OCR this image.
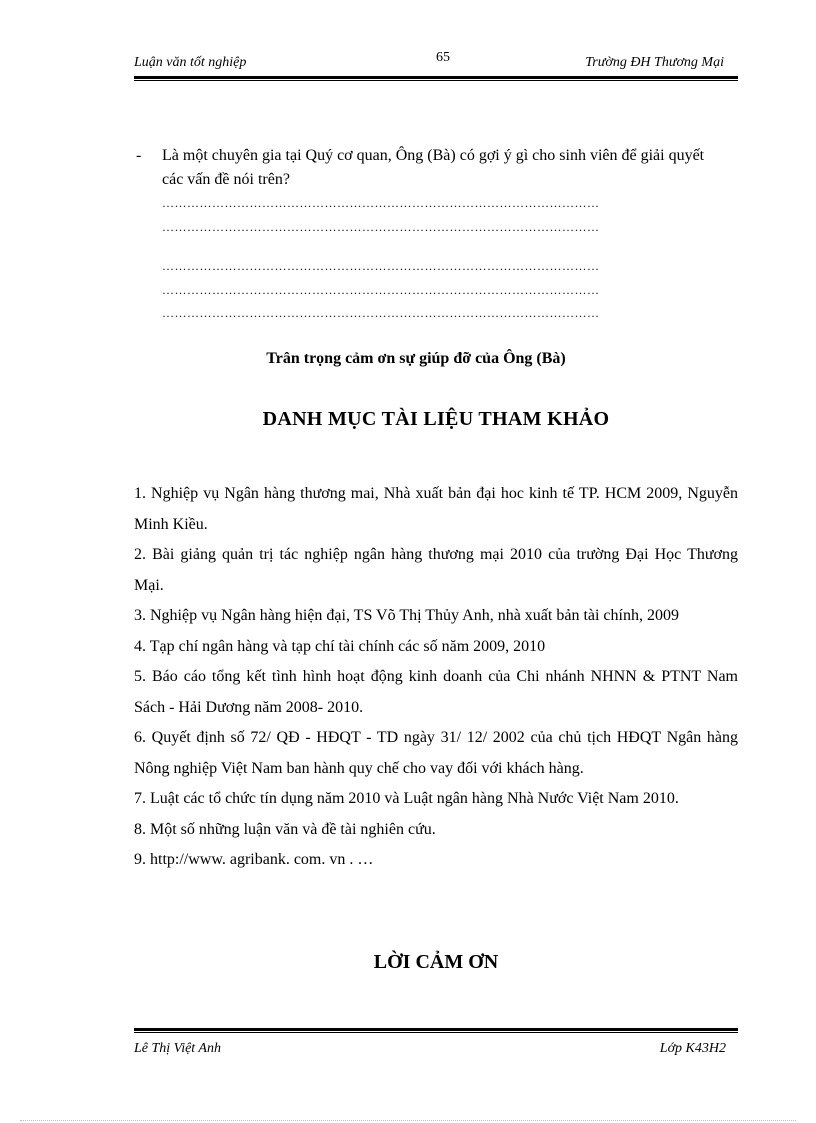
Luận văn tốt nghiệp	65	Trường ĐH Thương Mại
- Là một chuyên gia tại Quý cơ quan, Ông (Bà) có gợi ý gì cho sinh viên để giải quyết các vấn đề nói trên?
……………………………………………………………………………………………
……………………………………………………………………………………………
……………………………………………………………………………………………
……………………………………………………………………………………………
……………………………………………………………………………………………
Trân trọng cảm ơn sự giúp đỡ của Ông (Bà)
DANH MỤC TÀI LIỆU THAM KHẢO
1. Nghiệp vụ Ngân hàng thương mai, Nhà xuất bản đại hoc kinh tế TP. HCM 2009, Nguyễn Minh Kiều.
2. Bài giảng quản trị tác nghiệp ngân hàng thương mại 2010 của trường Đại Học Thương Mại.
3. Nghiệp vụ Ngân hàng hiện đại, TS Võ Thị Thủy Anh, nhà xuất bản tài chính, 2009
4. Tạp chí ngân hàng và tạp chí tài chính các số năm 2009, 2010
5. Báo cáo tổng kết tình hình hoạt động kinh doanh của Chi nhánh NHNN & PTNT Nam Sách - Hải Dương năm 2008- 2010.
6. Quyết định số 72/ QĐ - HĐQT - TD ngày 31/ 12/ 2002 của chủ tịch HĐQT Ngân hàng Nông nghiệp Việt Nam ban hành quy chế cho vay đối với khách hàng.
7. Luật các tổ chức tín dụng năm 2010 và Luật ngân hàng Nhà Nước Việt Nam 2010.
8. Một số những luận văn và đề tài nghiên cứu.
9. http://www. agribank. com. vn . …
LỜI CẢM ƠN
Lê Thị Việt Anh	Lớp K43H2
